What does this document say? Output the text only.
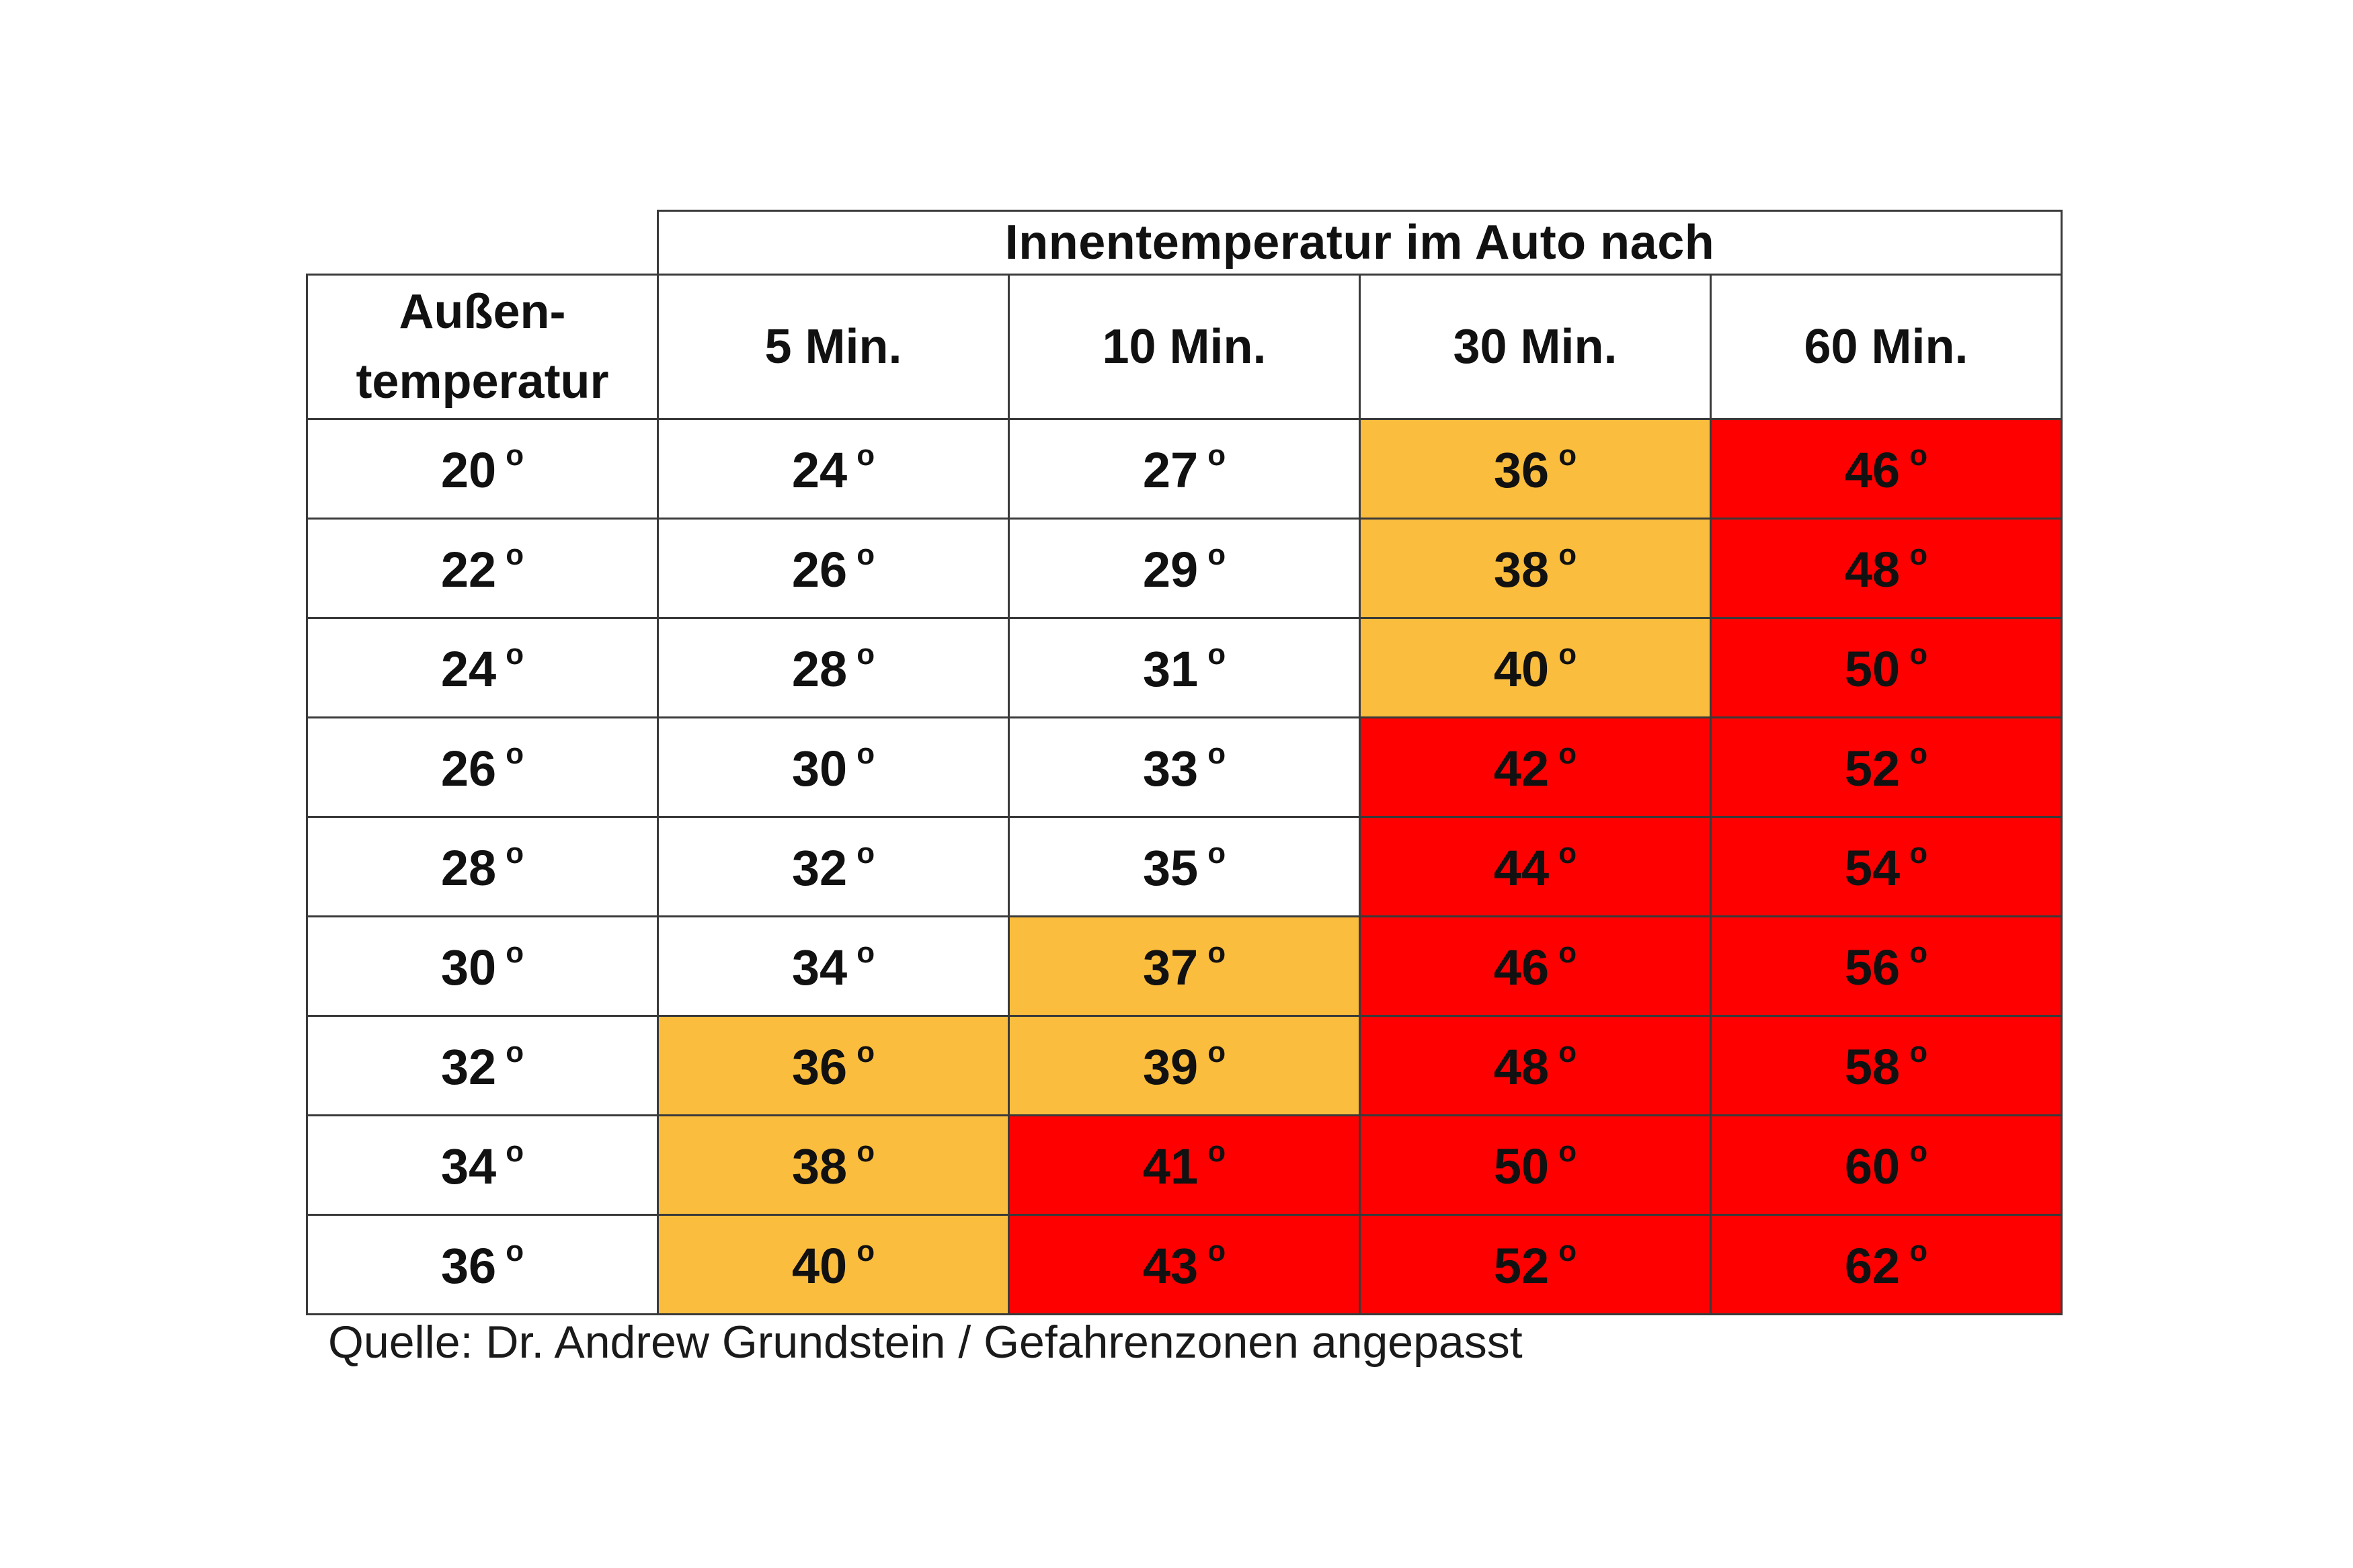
	Innentemperatur im Auto nach			
Außen-
temperatur	5 Min.	10 Min.	30 Min.	60 Min.
20 $^o$	24 $^o$	27 $^o$	36 $^o$	46 $^o$
22 $^o$	26 $^o$	29 $^o$	38 $^o$	48 $^o$
24 $^o$	28 $^o$	31 $^o$	40 $^o$	50 $^o$
26 $^o$	30 $^o$	33 $^o$	42 $^o$	52 $^o$
28 $^o$	32 $^o$	35 $^o$	44 $^o$	54 $^o$
30 $^o$	34 $^o$	37 $^o$	46 $^o$	56 $^o$
32 $^o$	36 $^o$	39 $^o$	48 $^o$	58 $^o$
34 $^o$	38 $^o$	41 $^o$	50 $^o$	60 $^o$
36 $^o$	40 $^o$	43 $^o$	52 $^o$	62 $^o$
Quelle: Dr. Andrew Grundstein / Gefahrenzonen angepasst
